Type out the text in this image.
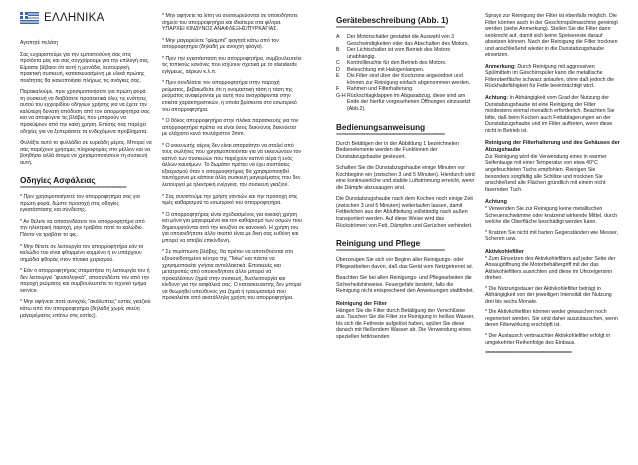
ΕΛΛΗΝΙΚΑ

Αγαπητέ πελάτη

Σας ευχαριστούμε για την εμπιστοσύνη σας στις προϊόντα μας και σας συγχαίρουμε για την επιλογή σας. Είμαστε βέβαιοι ότι αυτή η μονάδα, λειτουργική, πρακτική συσκευή, κατασκευασμένη με υλικά πρώτης ποιότητας θα ικανοποιήσει πλήρως τις ανάγκες σας.

Παρακαλούμε, πριν χρησιμοποιήσετε για πρώτη φορά τη συσκευή να διαβάσετε προσεκτικά όλες τις ενότητες αυτού του εγχειριδίου οδηγιών χρήσης για να έχετε την καλύτερη δυνατή απόδοση από τον απορροφητήρα σας και να αποφύγετε τις βλάβες που μπορούν να προκύψουν από την κακή χρήση. Επίσης σας παρέχει οδηγίες για να ξεπεράσετε τα ενδεχόμενα προβλήματα.

Φυλάξτε αυτό το φυλλάδιο σε ευρεάδη μέρος. Μπορεί να σας παρέχουν χρήσιμες πληροφορίες στο μέλλον και να βοηθήσει αλλά άτομα να χρησιμοποιήσουν τη συσκευή αυτή.

Οδηγίες Ασφάλειας
===========================================

* Πριν χρησιμοποιήσετε τον απορροφητήρα σας για πρώτη φορά, δώστε προσοχή στις οδηγίες εγκατάστασης και σύνδεσης.

* Αν θέλετε να αποσυνδέσετε τον απορροφητήρα από την ηλεκτρική παροχή, μην τραβάτε ποτέ το καλώδιο. Πάντα να τραβάτε το φις.

* Μην θέτετε σε λειτουργία τον απορροφητήρα εάν το καλώδιο του είναι φθαρμένο κομμένο ή εν υπάρχουν σημάδια φθοράς στον πίνακα χειρισμού.

* Εάν ο απορροφητήρας σταματήσει τη λειτουργία του ή δεν λειτουργεί "φυσιολογικά", αποσυνδέστε τον από την παροχή ρεύματος και συμβουλευτείτε το τεχνικό τμήμα service.

* Μην αφήνετε ποτέ ανοιχτές "ακάλυπτες" εστίες γκαζιού κάτω από τον απορροφητήρα (δηλαδή χωρίς σκεύη μαγειρέματος επάνω στις εστίες).

* Μην αφήνετε τα λίπη να συσσωρεύονται σε οποιοδήποτε σημείο του απορροφητήρα και ιδιαίτερα στα φίλτρα. ΥΠΑΡΧΕΙ ΚΙΝΔΥΝΟΣ ΑΝΑΦΛΕΞΗΣ/ΠΥΡΚΑΓΙΑΣ.

* Μην μαγειρεύετε "φλαμπέ" φαγητά κάτω από τον απορροφητήρα (δηλαδή με ανοιχτή φλόγα).

* Πριν την εγκατάσταση του απορροφητήρα, συμβουλευτείτε τις τοπικούς κανόνες που ισχύουν σχετικά με το standards εγίγμεως, αέριων κ.λ.π.

* Πριν συνδέσετε τον απορροφητήρα στην παροχή ρεύματος, βεβαιωθείτε ότι η ονομαστική τάση η τάση της ρεύματος αναφέρονται με αυτή που αναγράφονται στην ετικέτα χαρακτηριστικών, η οποία βρίσκεται στο εσωτερικό του απορροφητήρα.

* Ο θόλος απορροφητήρα στην πλάκα παρασκευής για τον απορροφητήρα πρέπει να είναι όσος δεικνύνος δεικνύεται με ελάχιστο κενό τουλάχιστον 3mm.

* Ο εκκενωτής αέρος δεν είναι απαραίτητο να σταλεί από τους σωλήνες που χρησιμοποιούνται για να εκκενώνουν τον καπνό των συσκευών που παρέχουν καπνό αέρα ή ενός άλλων καυσίμων. Το δωμάτιο πρέπει να έχει συστάσεις εξαερισμού όταν ο απορροφητήρας θα χρησιμοποιηθεί ταυτόχρονα με κάποια άλλη συσκευή μαγειρέματος που δεν λειτουργεί με ηλεκτρική ενέργεια, την συσκευή γκαζιού.

* Σας συνιστούμε την χρήση γαντιών και την προσοχή στις τιμές καθαρισμού το εσωτερικό του απορροφητήρα.

* Ο απορροφητήρας είναι σχεδιασμένος για οικιακή χρήση και μόνο για μαγειρεμένα και τον καθαρισμό των οσμών που δημιουργούνται από την κουζίνα σε κανονικό. Η χρήση του για οποιονδήποτε άλλο σκοπό είναι με δική σας ευθύνη και μπορεί να αποβεί επικίνδυνη.

* Σε περίπτωση βλάβης, θα πρέπει να αποτεθούνται στο εξουσιοδοτημένο κέντρο της "Teka" και πάντα να χρησιμοποιείτε γνήσια ανταλλακτικά. Επισκευές και μετατροπές από οποιονδήποτε άλλο μπορεί να προκαλέσουν ζημιά στην συσκευή, δυσλειτουργία και κίνδυνο για την ασφάλειά σας. Ο κατασκευαστής δεν μπορεί να θεωρηθεί υπεύθυνος για ζημιά ή τραυματισμό που προκαλείται από ακατάλληλη χρήση του απορροφητήρα.

Gerätebeschreibung (Abb. 1)
============================================
A	Der Motorschalter gestattet die Auswahl von 3 Geschwindigkeiten oder das Abschalten des Motors.
B	Der Lichtschalter ist vom Betrieb des Motors unabhängig.
C	Kontrollleuchte für den Betrieb des Motors.
D	Beleuchtung mit Halogenlampen.
E	Dis Filter sind über der Kochzone angeordnet und können zur Reinigung einfach abgenommen werden.
F	Rahmen und Filterhalterung.
G-H Rückschlagklappen im Abgasabzug, diese sind am Ende der hierfür vorgesehenen Öffnungen einzusetzt (Abb.2).
Bedienungsanweisung
============================================

Durch Betätigen der in der Abbildung 1 bezeichneten Bedienelemente werden die Funktionen der Dunstabzugshaube gesteuert.

Schalten Sie die Dunstabzugshaube einige Minuten vor Kochbeginn ein (zwischen 3 und 5 Minuten). Hierdurch wird eine kontinuierliche und stabile Luftströmung erreicht, wenn die Dämpfe abzusaugen sind.

Die Dunstabzugshaube nach dem Kochen noch einige Zeit (zwischen 3 und 5 Minuten) weiterlaufen lassen, damit Fettteilchen aus der Abluftleitung vollständig nach außen transportiert werden. Auf diese Weise wird das Rückströmen von Fett, Dämpfen und Gerüchen verhindert.

Reinigung und Pflege
============================================

Überzeugen Sie sich vor Beginn aller Reinigungs- oder Pflegearbeiten davon, daß das Gerät vom Netzgetrennt ist.

Beachten Sie bei allen Reinigungs- und Pflegearbeiten die Sicherheitshinweise. Feuergefahr besteht, falls die Reinigung nicht entsprechend den Anweisungen stattfindet.

Reinigung der Filter

Hängen Sie die Filter durch Betätigung der Verschlüsse aus. Tauchen Sie die Filter zur Reinigung in heißes Wasser, bis sich die Fettreste aufgelöst haben, spülen Sie diese danach mit fließendem Wasser ab. Die Verwendung eines speziellen fettlösenden

Sprays zur Reinigung der Filter ist ebenfalls möglich. Die Filter können auch in der Geschirrspülmaschine gereinigt werden (siehe Anmerkung). Stellen Sie die Filter dann senkrecht auf, damit sich keine Speisereste darauf absetzen können. Nach der Reinigung die Filter trocknen und anschließend wieder in die Dunstabzugshaube einsetzen.

Anmerkung: Durch Reinigung mit aggressiven Spülmitteln im Geschirrspüler kann die metallische Filteroberfläche schwarz anlaufen, ohne daß jedoch die Rückhaltefähigkeit für Fette beeinträchtigt wird.

Achtung: In Abhängigkeit vom Grad der Nutzung der Dunstabzugshaube ist eine Reinigung der Filter mindestens einmal monatlich erforderlich. Beachten Sie bitte, daß beim Kochen auch Fettablagerungen an der Dunstabzugshaube und im Filter auftreten, wenn diese nicht in Betrieb ist.

Reinigung der Filterhalterung und des Gehäuses der Abzugshaube

Zur Reinigung wird die Verwendung eines in warmer Seifenlauge mit einer Temperatur von etwa 40°C angefeuchteten Tuchs empfohlen. Reinigen Sie besonders sorgfältig alle Schlitze und trocknen Sie anschließend alle Flächen gründlich mit einem nicht fasernden Tuch.

Achtung

* Verwenden Sie zur Reinigung keine metallischen Scheuerschwämme oder kratzend wirkende Mittel, durch welche die Oberfläche beschädigt werden kann.

* Kratzen Sie nicht mit harten Gegenständen wie Messer, Scheren usw.

Aktivkohlefilter

* Zum Einsetzen des Aktivkohlefilters auf jeder Seite der Ansaugöffnung die Motorbehältergriff mit der das Aktivkohlefilters ausrichten und diese im Uhrzeigersinn drehen.

* Die Nutzungsdauer der Aktivkohlefilter beträgt in Abhängigkeit von der jeweiligen Intensität der Nutzung drei bis sechs Monate.

* Die Aktivkohlefilter können weder gewaschen noch regeneriert werden. Sie sind daher auszutauschen, wenn deren Filterwirkung erschöpft ist.

* Der Austausch verbrauchter Aktivkohlefilter erfolgt in umgekehrter Reihenfolge des Einbaus.

===================================
